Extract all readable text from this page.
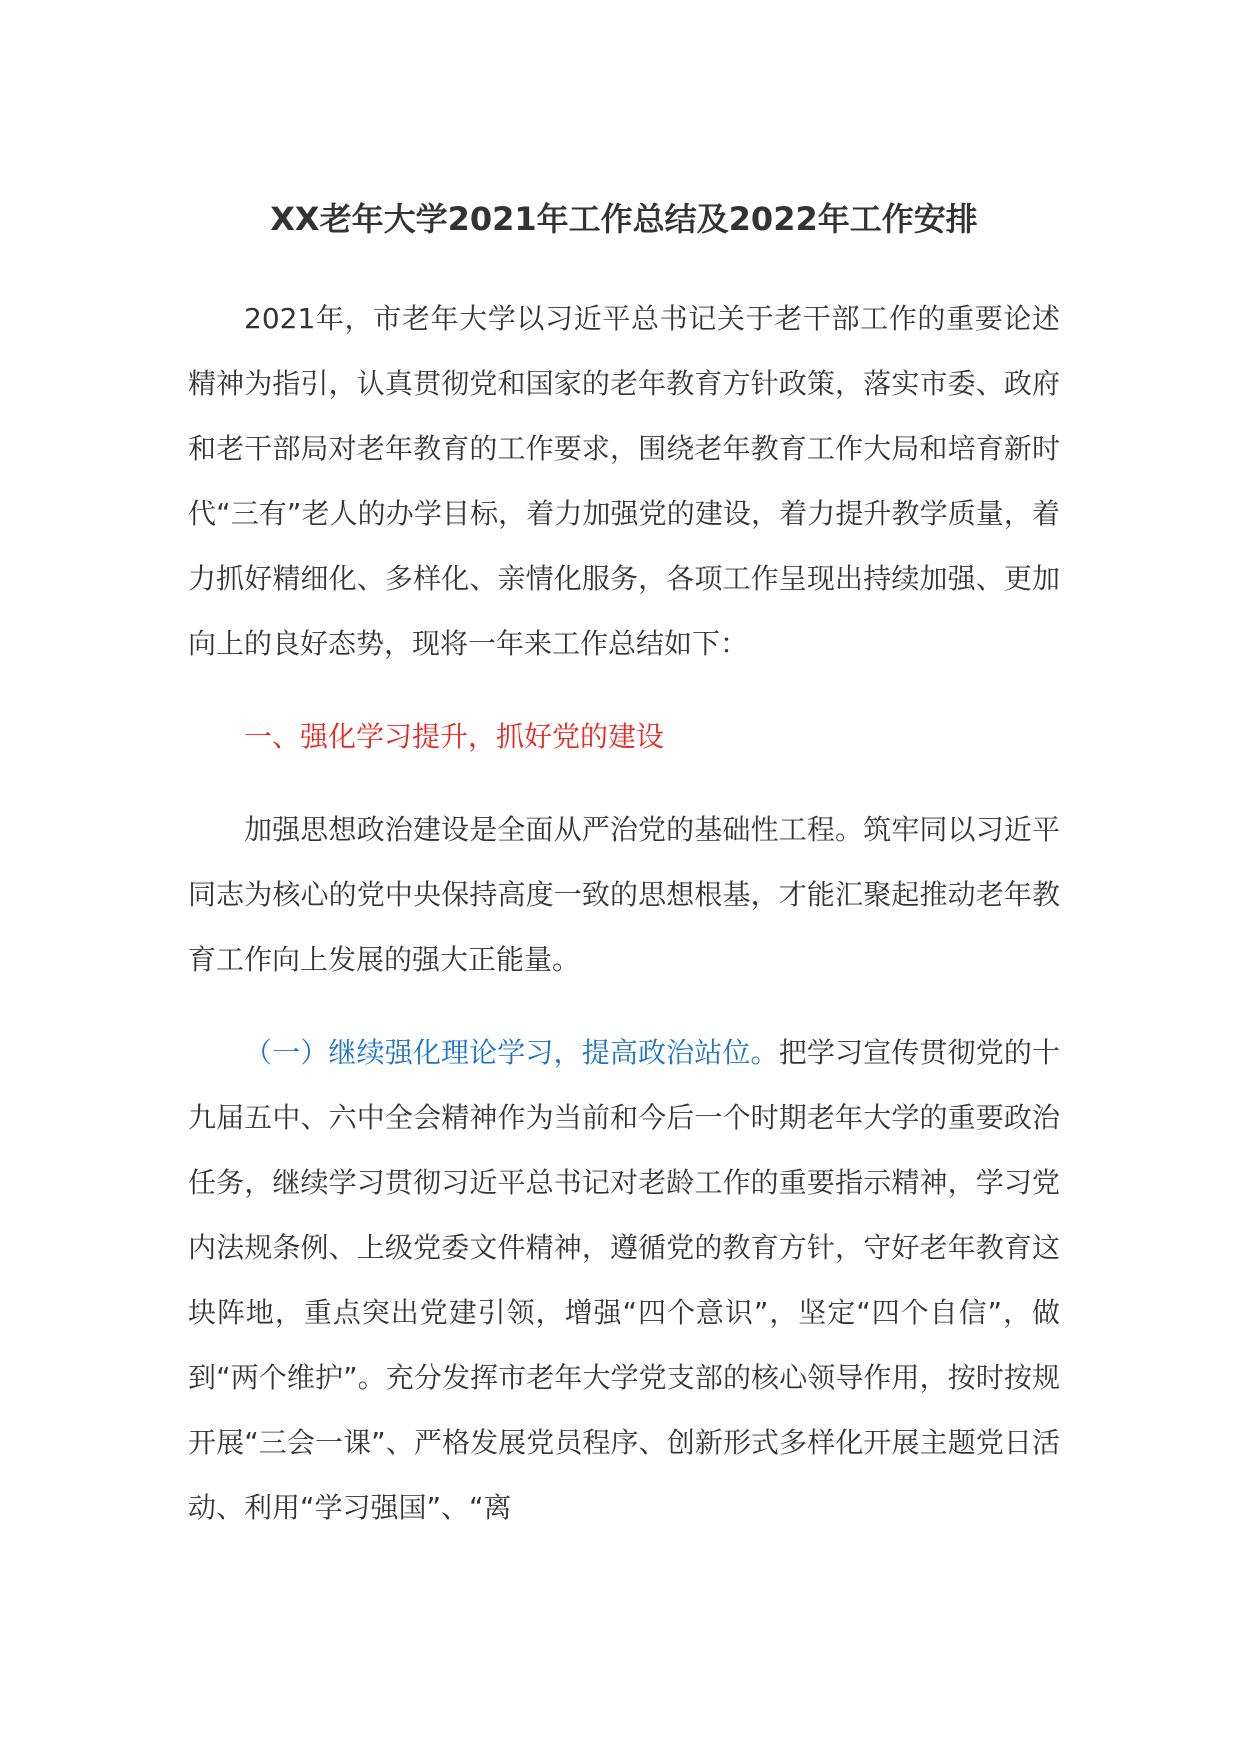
XX老年大学2021年工作总结及2022年工作安排

2021年，市老年大学以习近平总书记关于老干部工作的重要论述精神为指引，认真贯彻党和国家的老年教育方针政策，落实市委、政府和老干部局对老年教育的工作要求，围绕老年教育工作大局和培育新时代“三有”老人的办学目标，着力加强党的建设，着力提升教学质量，着力抓好精细化、多样化、亲情化服务，各项工作呈现出持续加强、更加向上的良好态势，现将一年来工作总结如下：

一、强化学习提升，抓好党的建设

加强思想政治建设是全面从严治党的基础性工程。筑牢同以习近平同志为核心的党中央保持高度一致的思想根基，才能汇聚起推动老年教育工作向上发展的强大正能量。

（一）继续强化理论学习，提高政治站位。把学习宣传贯彻党的十九届五中、六中全会精神作为当前和今后一个时期老年大学的重要政治任务，继续学习贯彻习近平总书记对老龄工作的重要指示精神，学习党内法规条例、上级党委文件精神，遵循党的教育方针，守好老年教育这块阵地，重点突出党建引领，增强“四个意识”，坚定“四个自信”，做到“两个维护”。充分发挥市老年大学党支部的核心领导作用，按时按规开展“三会一课”、严格发展党员程序、创新形式多样化开展主题党日活动、利用“学习强国”、“离
